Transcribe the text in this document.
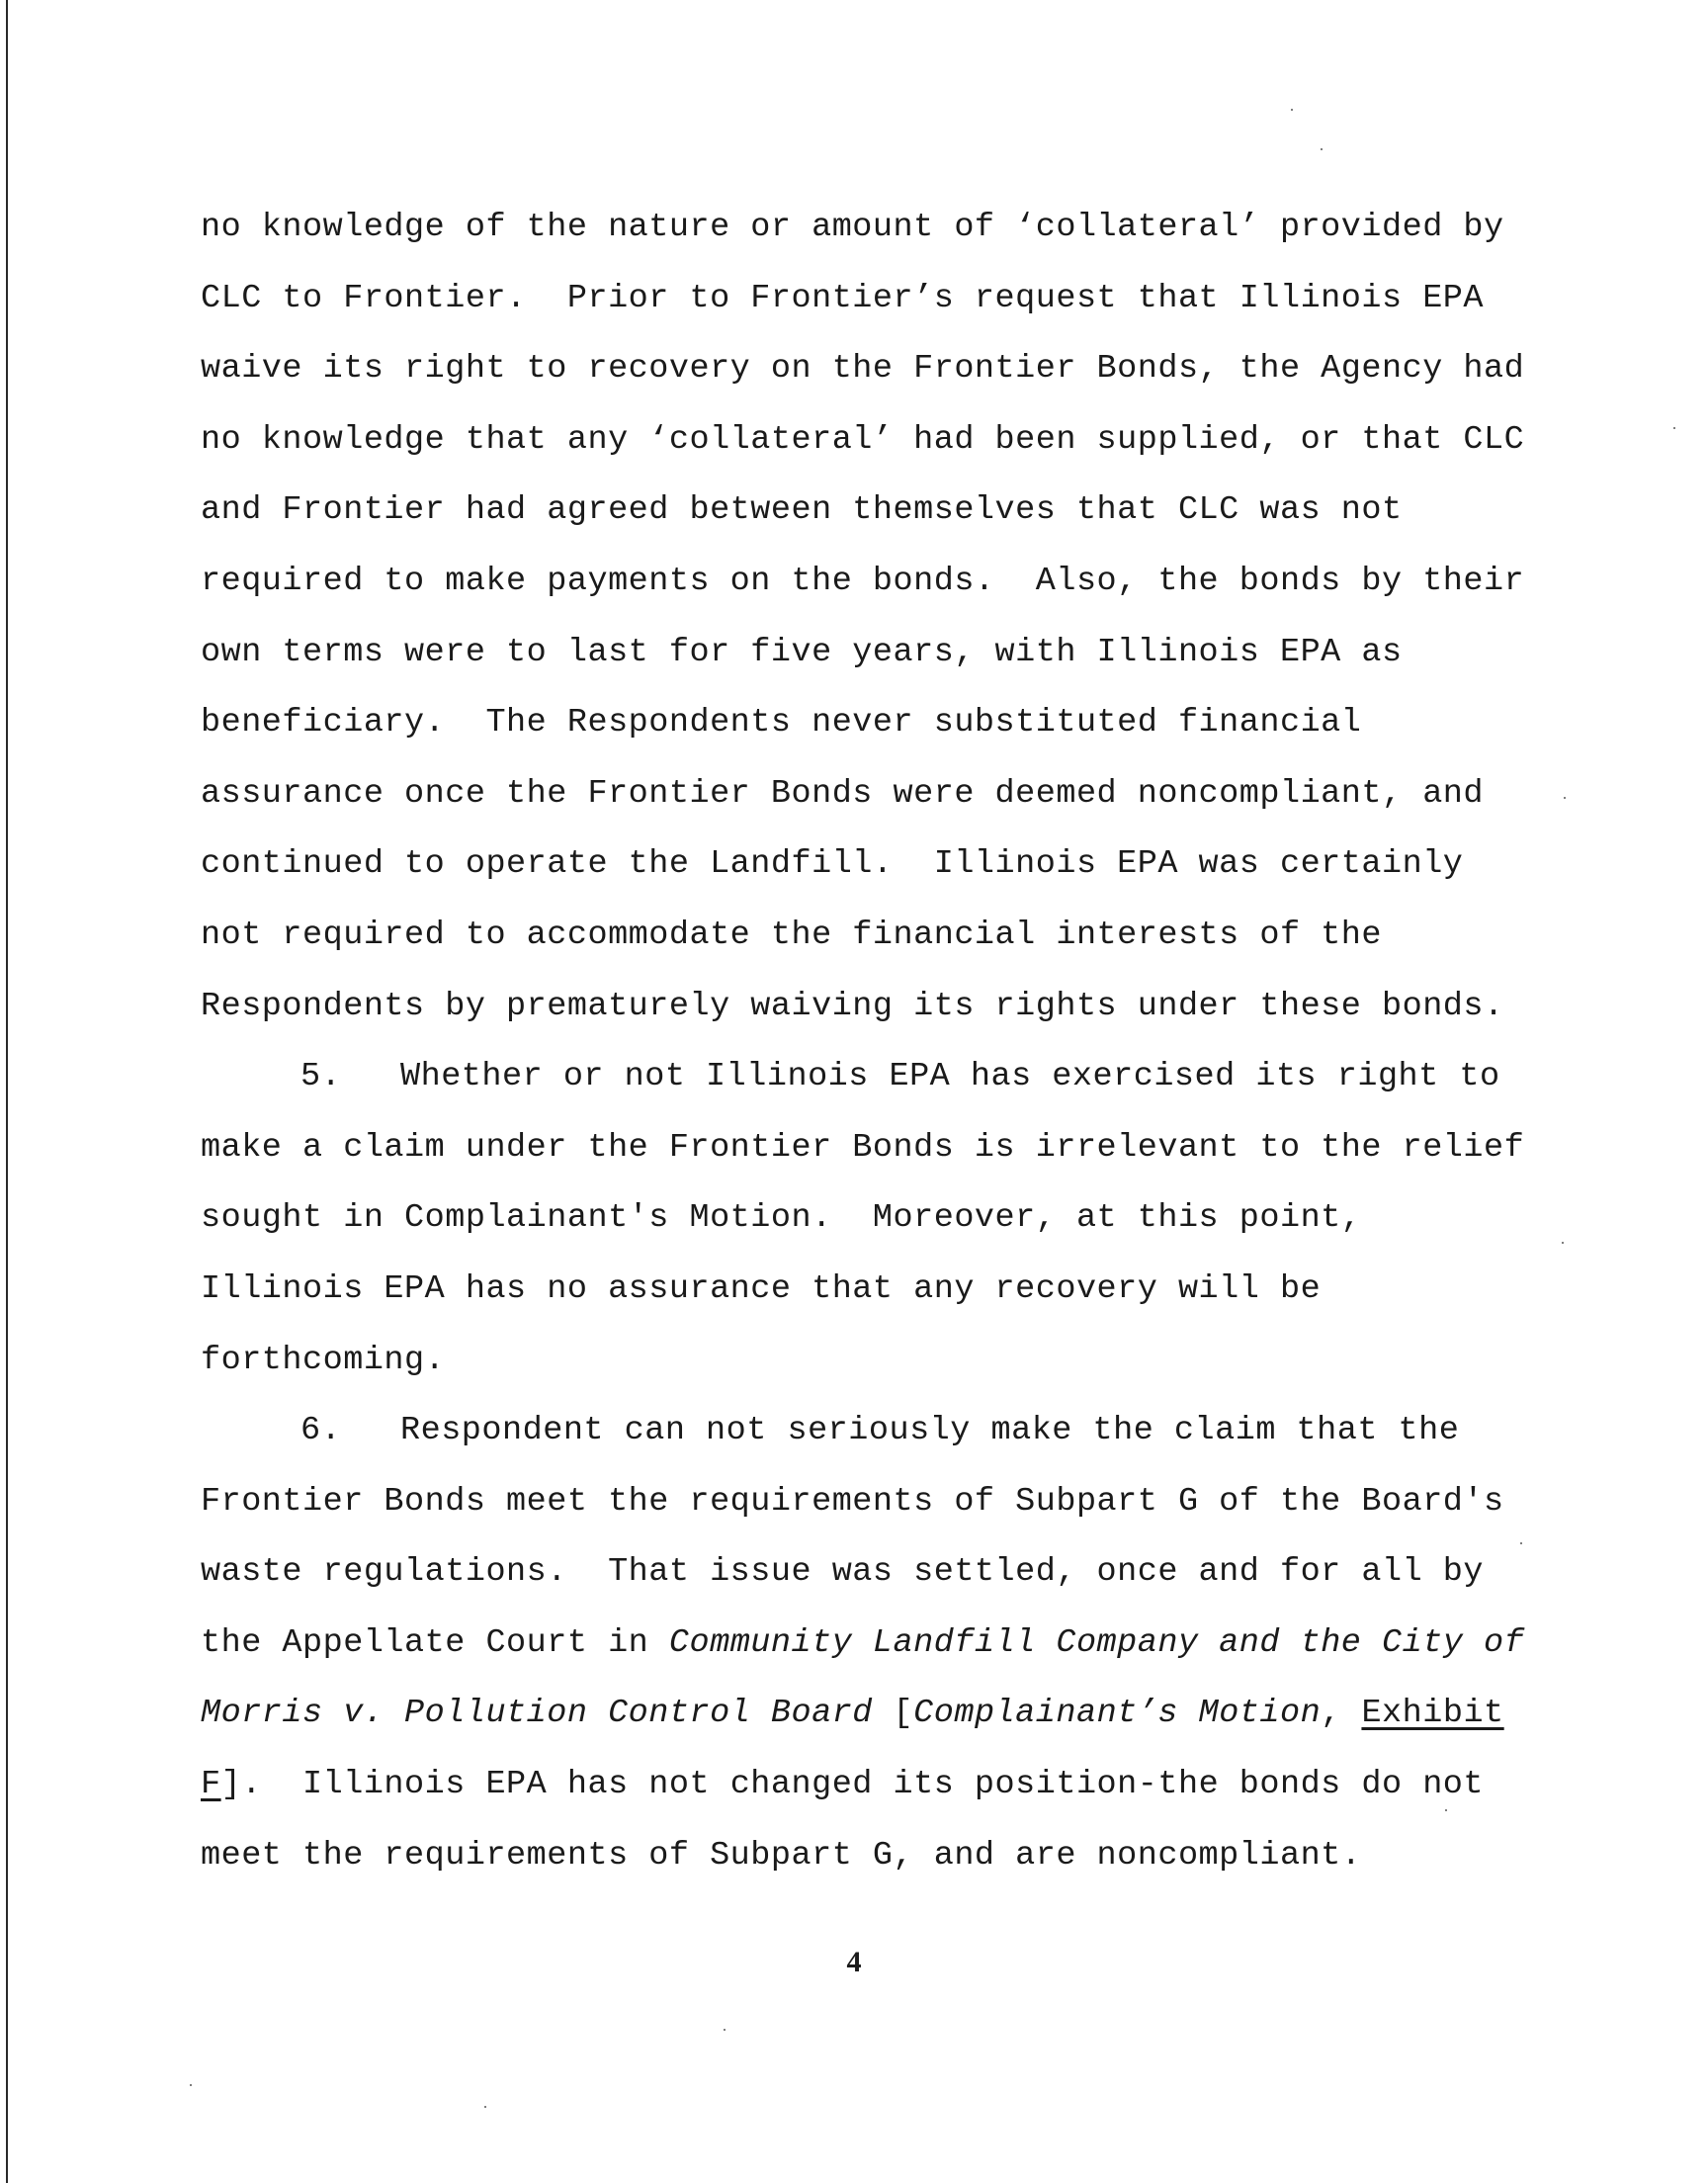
no knowledge of the nature or amount of ‘collateral’ provided by
CLC to Frontier.  Prior to Frontier’s request that Illinois EPA
waive its right to recovery on the Frontier Bonds, the Agency had
no knowledge that any ‘collateral’ had been supplied, or that CLC
and Frontier had agreed between themselves that CLC was not
required to make payments on the bonds.  Also, the bonds by their
own terms were to last for five years, with Illinois EPA as
beneficiary.  The Respondents never substituted financial
assurance once the Frontier Bonds were deemed noncompliant, and
continued to operate the Landfill.  Illinois EPA was certainly
not required to accommodate the financial interests of the
Respondents by prematurely waiving its rights under these bonds.
5. Whether or not Illinois EPA has exercised its right to
make a claim under the Frontier Bonds is irrelevant to the relief
sought in Complainant's Motion.  Moreover, at this point,
Illinois EPA has no assurance that any recovery will be
forthcoming.
6. Respondent can not seriously make the claim that the
Frontier Bonds meet the requirements of Subpart G of the Board's
waste regulations.  That issue was settled, once and for all by
the Appellate Court in Community Landfill Company and the City of
Morris v. Pollution Control Board [Complainant’s Motion, Exhibit
F].  Illinois EPA has not changed its position-the bonds do not
meet the requirements of Subpart G, and are noncompliant.
4
